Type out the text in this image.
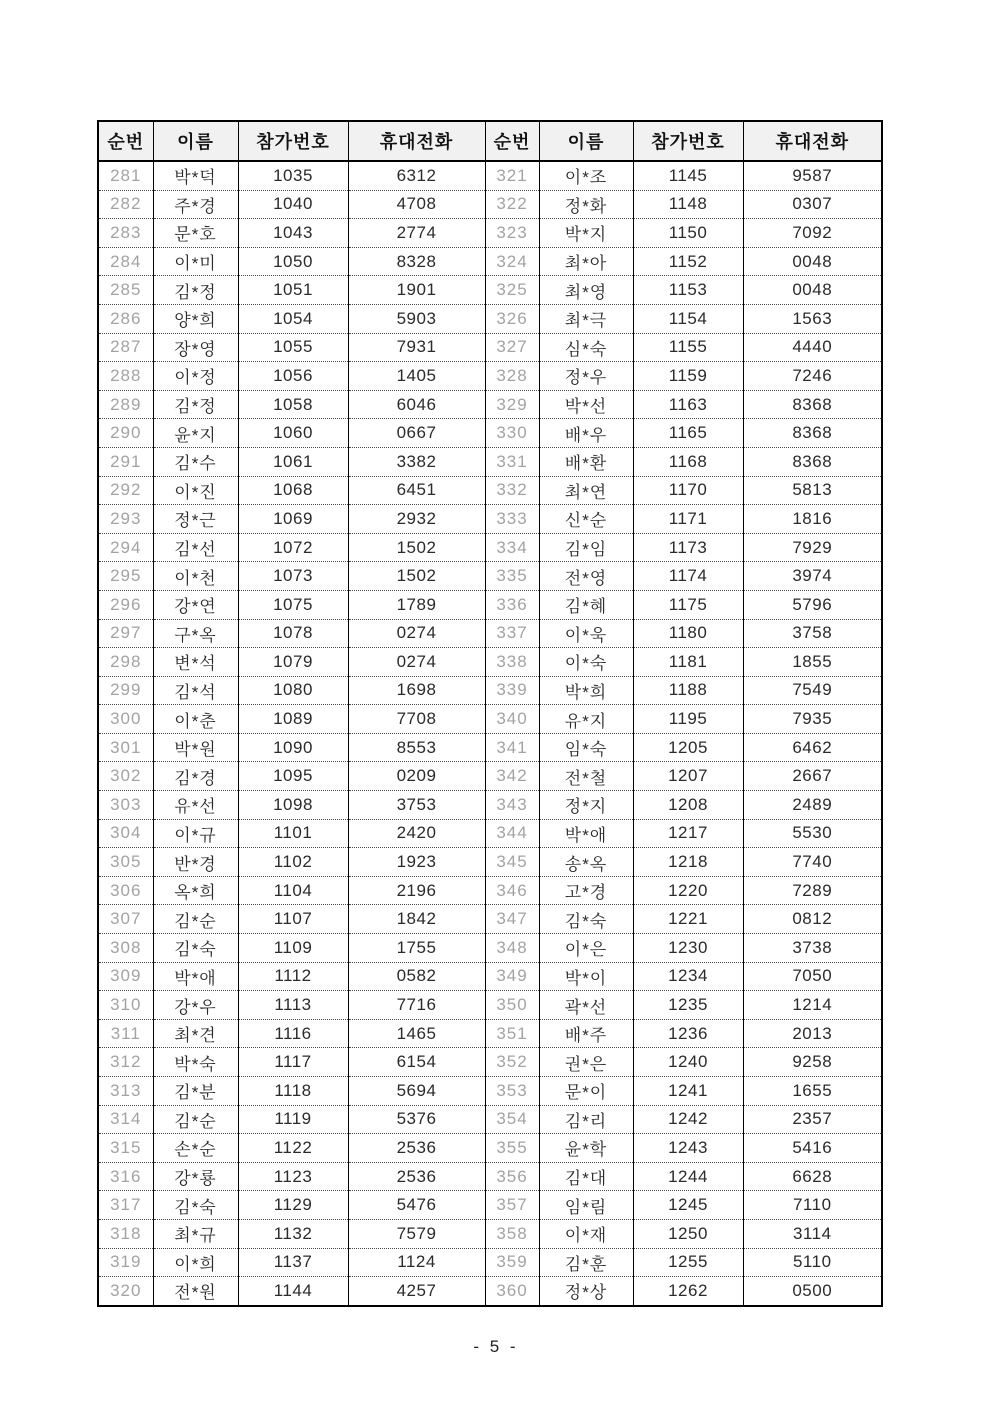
순번	이름	참가번호	휴대전화	순번	이름	참가번호	휴대전화
281	박*덕	1035	6312	321	이*조	1145	9587
282	주*경	1040	4708	322	정*화	1148	0307
283	문*호	1043	2774	323	박*지	1150	7092
284	이*미	1050	8328	324	최*아	1152	0048
285	김*정	1051	1901	325	최*영	1153	0048
286	양*희	1054	5903	326	최*극	1154	1563
287	장*영	1055	7931	327	심*숙	1155	4440
288	이*정	1056	1405	328	정*우	1159	7246
289	김*정	1058	6046	329	박*선	1163	8368
290	윤*지	1060	0667	330	배*우	1165	8368
291	김*수	1061	3382	331	배*환	1168	8368
292	이*진	1068	6451	332	최*연	1170	5813
293	정*근	1069	2932	333	신*순	1171	1816
294	김*선	1072	1502	334	김*임	1173	7929
295	이*천	1073	1502	335	전*영	1174	3974
296	강*연	1075	1789	336	김*혜	1175	5796
297	구*옥	1078	0274	337	이*욱	1180	3758
298	변*석	1079	0274	338	이*숙	1181	1855
299	김*석	1080	1698	339	박*희	1188	7549
300	이*춘	1089	7708	340	유*지	1195	7935
301	박*원	1090	8553	341	임*숙	1205	6462
302	김*경	1095	0209	342	전*철	1207	2667
303	유*선	1098	3753	343	정*지	1208	2489
304	이*규	1101	2420	344	박*애	1217	5530
305	반*경	1102	1923	345	송*옥	1218	7740
306	옥*희	1104	2196	346	고*경	1220	7289
307	김*순	1107	1842	347	김*숙	1221	0812
308	김*숙	1109	1755	348	이*은	1230	3738
309	박*애	1112	0582	349	박*이	1234	7050
310	강*우	1113	7716	350	곽*선	1235	1214
311	최*견	1116	1465	351	배*주	1236	2013
312	박*숙	1117	6154	352	권*은	1240	9258
313	김*분	1118	5694	353	문*이	1241	1655
314	김*순	1119	5376	354	김*리	1242	2357
315	손*순	1122	2536	355	윤*학	1243	5416
316	강*룡	1123	2536	356	김*대	1244	6628
317	김*숙	1129	5476	357	임*림	1245	7110
318	최*규	1132	7579	358	이*재	1250	3114
319	이*희	1137	1124	359	김*훈	1255	5110
320	전*원	1144	4257	360	정*상	1262	0500
- 5 -
